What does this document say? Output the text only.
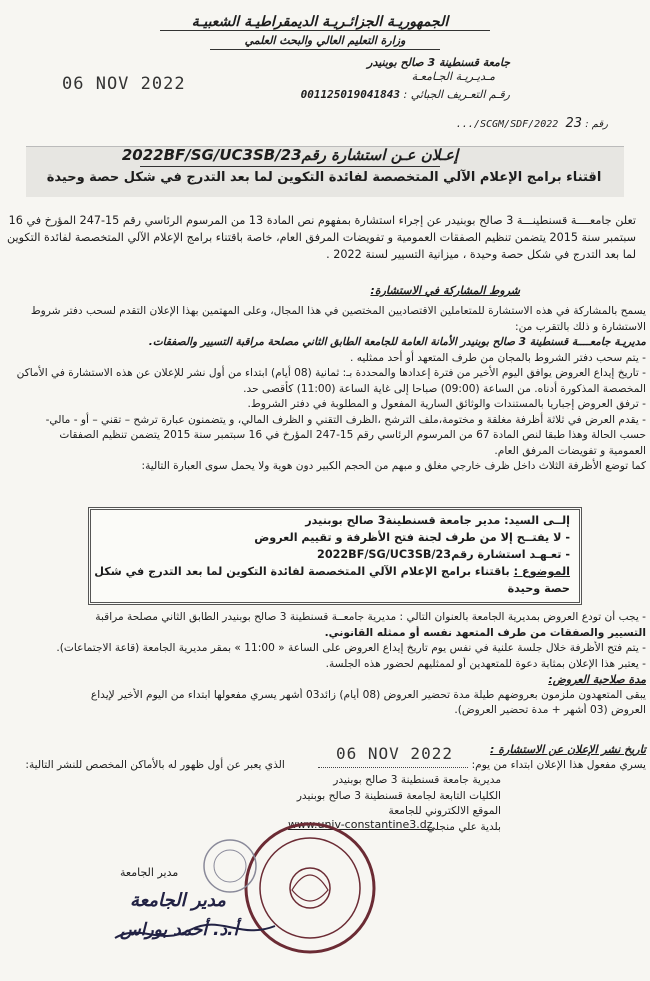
الجمهوريـة الجزائـريـة الديمقراطيـة الشعبيـة
وزارة التعليم العالي والبحث العلمي
جامعة قسنطينة 3 صالح بوبنيدر
مـديـريـة الجـامعـة
رقـم التعـريف الجبائي : 001125019041843
رقم : 23 2022/SCGM/SDF/...
06 NOV 2022
إعـلان عـن استشارة رقم2022BF/SG/UC3SB/23
اقتناء برامج الإعلام الآلي المتخصصة لفائدة التكوين لما بعد التدرج في شكل حصة وحيدة
تعلن جامعــــة قسنطينـــة 3 صالح بوبنيدر عن إجراء استشارة بمفهوم نص المادة 13 من المرسوم الرئاسي رقم 15-247 المؤرخ في 16 سبتمبر سنة 2015 يتضمن تنظيم الصفقات العمومية و تفويضات المرفق العام، خاصة باقتناء برامج الإعلام الآلي المتخصصة لفائدة التكوين لما بعد التدرج في شكل حصة وحيدة ، ميزانية التسيير لسنة 2022 .
شروط المشاركة في الاستشارة:
يسمح بالمشاركة في هذه الاستشارة للمتعاملين الاقتصاديين المختصين في هذا المجال، وعلى المهتمين بهذا الإعلان التقدم لسحب دفتر شروط
الاستشارة و ذلك بالتقرب من:
مديريـة جامعــــة قسنطينة 3 صالح بوبنيدر الأمانة العامة للجامعة الطابق الثاني مصلحة مراقبة التسيير والصفقات.
- يتم سحب دفتر الشروط بالمجان من طرف المتعهد أو أحد ممثليه .
- تاريخ إيداع العروض يوافق اليوم الأخير من فترة إعدادها والمحددة بـ: ثمانية (08 أيام) ابتداء من أول نشر للإعلان عن هذه الاستشارة في الأماكن
المخصصة المذكورة أدناه. من الساعة (09:00) صباحا إلى غاية الساعة (11:00) كأقصى حد.
- ترفق العروض إجباريا بالمستندات والوثائق السارية المفعول و المطلوبة في دفتر الشروط.
- يقدم العرض في ثلاثة أظرفة مغلقة و مختومة،ملف الترشح ،الظرف التقني و الظرف المالي، و يتضمنون عبارة ترشح – تقني – أو - مالي-
حسب الحالة وهذا طبقا لنص المادة 67 من المرسوم الرئاسي رقم 15-247 المؤرخ في 16 سبتمبر سنة 2015 يتضمن تنظيم الصفقات
العمومية و تفويضات المرفق العام.
كما توضع الأظرفة الثلاث داخل ظرف خارجي مغلق و مبهم من الحجم الكبير دون هوية ولا يحمل سوى العبارة التالية:
إلــى السيد: مدير جامعة قسنطينة3 صالح بوبنيدر
- لا يفتــح إلا من طرف لجنة فتح الأظرفة و تقييم العروض
- تعـهـد استشارة رقم2022BF/SG/UC3SB/23
الموضوع : باقتناء برامج الإعلام الآلي المتخصصة لفائدة التكوين لما بعد التدرج في شكل حصة وحيدة
- يجب أن تودع العروض بمديرية الجامعة بالعنوان التالي : مديرية جامعــة قسنطينة 3 صالح بوبنيدر الطابق الثاني مصلحة مراقبة
التسيير والصفقات من طرف المتعهد نفسه أو ممثله القانوني.
- يتم فتح الأظرفة خلال جلسة علنية في نفس يوم تاريخ إيداع العروض على الساعة « 11:00 » بمقر مديرية الجامعة (قاعة الاجتماعات).
- يعتبر هذا الإعلان بمثابة دعوة للمتعهدين أو لممثليهم لحضور هذه الجلسة.
مدة صلاحية العروض:
يبقى المتعهدون ملزمون بعروضهم طيلة مدة تحضير العروض (08 أيام) زائد03 أشهر يسري مفعولها ابتداء من اليوم الأخير لإيداع
العروض (03 أشهر + مدة تحضير العروض).
تاريخ نشر الإعلان عن الاستشارة :
يسري مفعول هذا الإعلان ابتداء من يوم:  الذي يعبر عن أول ظهور له بالأماكن المخصص للنشر التالية:
مديرية جامعة قسنطينة 3 صالح بوبنيدر
الكليات التابعة لجامعة قسنطينة 3 صالح بوبنيدر
الموقع الالكتروني للجامعة
بلدية علي منجلي
06 NOV 2022
www.univ-constantine3.dz
مدير الجامعة
مدير الجامعة
أ.د. أحمد بوراس
